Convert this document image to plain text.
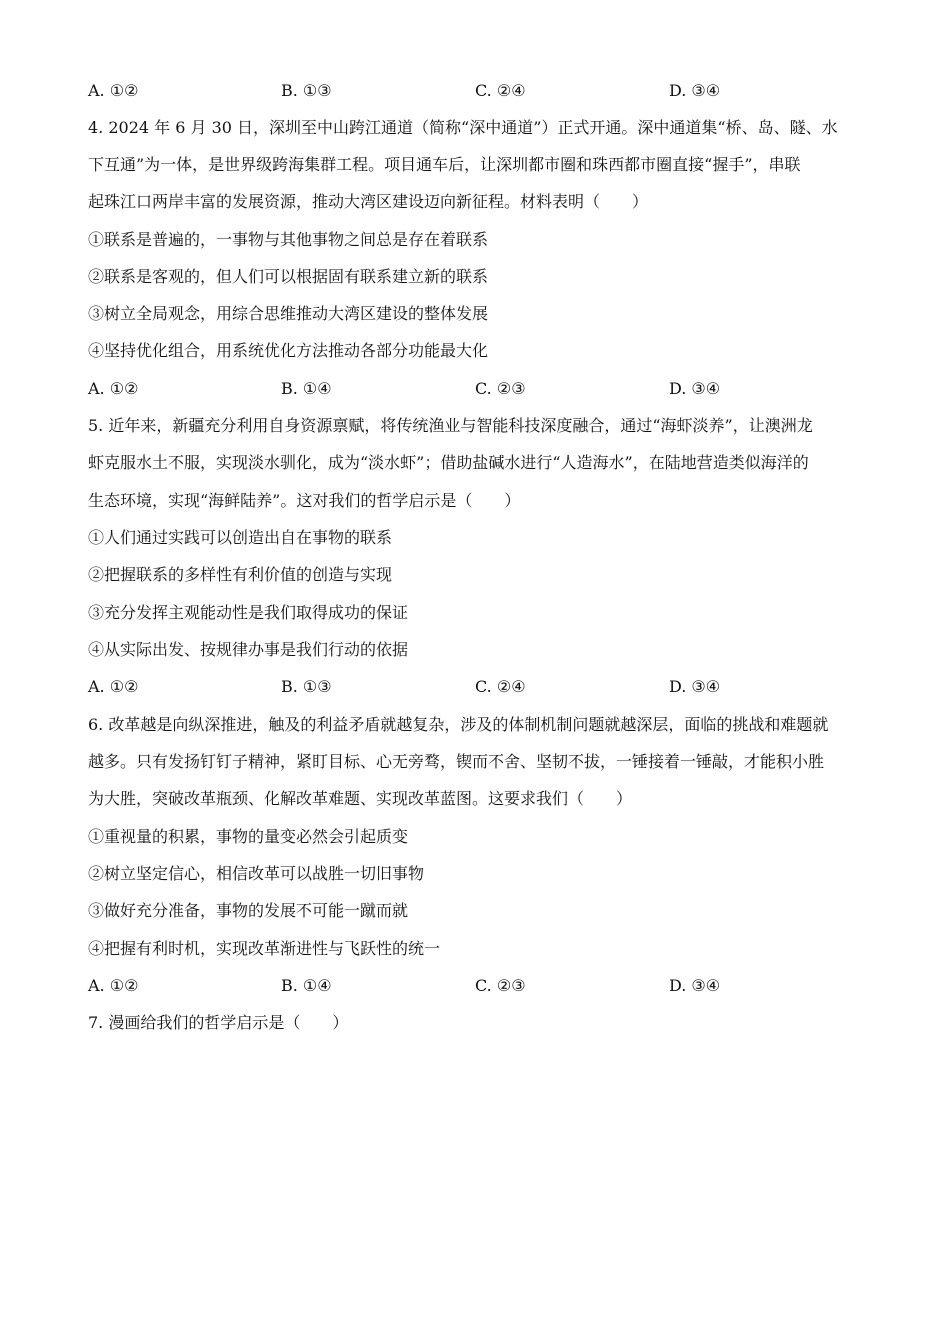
A. ①②	B. ①③	C. ②④	D. ③④
4. 2024 年 6 月 30 日，深圳至中山跨江通道（简称“深中通道”）正式开通。深中通道集“桥、岛、隧、水
下互通”为一体，是世界级跨海集群工程。项目通车后，让深圳都市圈和珠西都市圈直接“握手”，串联
起珠江口两岸丰富的发展资源，推动大湾区建设迈向新征程。材料表明（　　）
①联系是普遍的，一事物与其他事物之间总是存在着联系
②联系是客观的，但人们可以根据固有联系建立新的联系
③树立全局观念，用综合思维推动大湾区建设的整体发展
④坚持优化组合，用系统优化方法推动各部分功能最大化
A. ①②	B. ①④	C. ②③	D. ③④
5. 近年来，新疆充分利用自身资源禀赋，将传统渔业与智能科技深度融合，通过“海虾淡养”，让澳洲龙
虾克服水土不服，实现淡水驯化，成为“淡水虾”；借助盐碱水进行“人造海水”，在陆地营造类似海洋的
生态环境，实现“海鲜陆养”。这对我们的哲学启示是（　　）
①人们通过实践可以创造出自在事物的联系
②把握联系的多样性有利价值的创造与实现
③充分发挥主观能动性是我们取得成功的保证
④从实际出发、按规律办事是我们行动的依据
A. ①②	B. ①③	C. ②④	D. ③④
6. 改革越是向纵深推进，触及的利益矛盾就越复杂，涉及的体制机制问题就越深层，面临的挑战和难题就
越多。只有发扬钉钉子精神，紧盯目标、心无旁骛，锲而不舍、坚韧不拔，一锤接着一锤敲，才能积小胜
为大胜，突破改革瓶颈、化解改革难题、实现改革蓝图。这要求我们（　　）
①重视量的积累，事物的量变必然会引起质变
②树立坚定信心，相信改革可以战胜一切旧事物
③做好充分准备，事物的发展不可能一蹴而就
④把握有利时机，实现改革渐进性与飞跃性的统一
A. ①②	B. ①④	C. ②③	D. ③④
7. 漫画给我们的哲学启示是（　　）
